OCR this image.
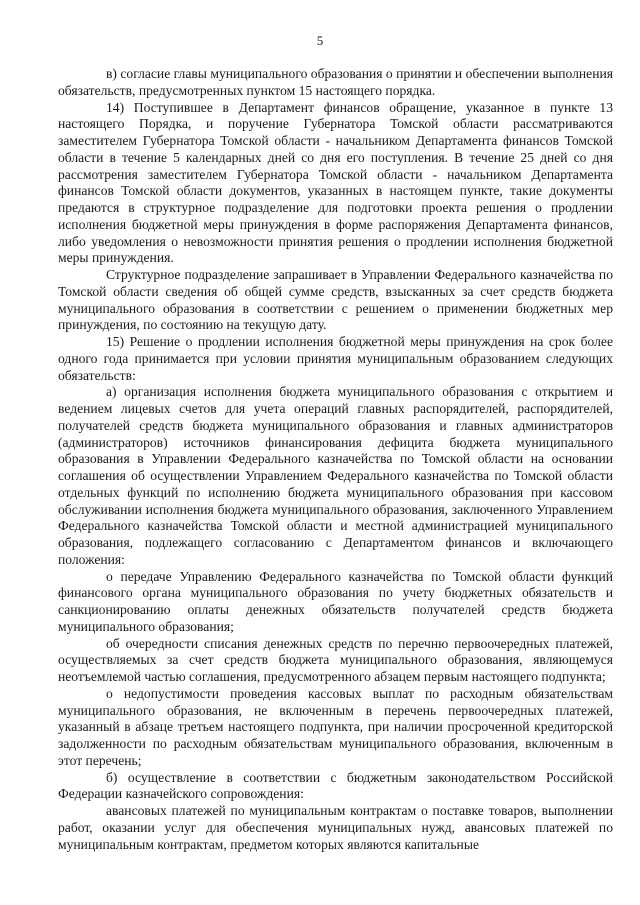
5

в) согласие главы муниципального образования о принятии и обеспечении выполнения обязательств, предусмотренных пунктом 15 настоящего порядка.

14) Поступившее в Департамент финансов обращение, указанное в пункте 13 настоящего Порядка, и поручение Губернатора Томской области рассматриваются заместителем Губернатора Томской области - начальником Департамента финансов Томской области в течение 5 календарных дней со дня его поступления. В течение 25 дней со дня рассмотрения заместителем Губернатора Томской области - начальником Департамента финансов Томской области документов, указанных в настоящем пункте, такие документы предаются в структурное подразделение для подготовки проекта решения о продлении исполнения бюджетной меры принуждения в форме распоряжения Департамента финансов, либо уведомления о невозможности принятия решения о продлении исполнения бюджетной меры принуждения.

Структурное подразделение запрашивает в Управлении Федерального казначейства по Томской области сведения об общей сумме средств, взысканных за счет средств бюджета муниципального образования в соответствии с решением о применении бюджетных мер принуждения, по состоянию на текущую дату.

15) Решение о продлении исполнения бюджетной меры принуждения на срок более одного года принимается при условии принятия муниципальным образованием следующих обязательств:

а) организация исполнения бюджета муниципального образования с открытием и ведением лицевых счетов для учета операций главных распорядителей, распорядителей, получателей средств бюджета муниципального образования и главных администраторов (администраторов) источников финансирования дефицита бюджета муниципального образования в Управлении Федерального казначейства по Томской области на основании соглашения об осуществлении Управлением Федерального казначейства по Томской области отдельных функций по исполнению бюджета муниципального образования при кассовом обслуживании исполнения бюджета муниципального образования, заключенного Управлением Федерального казначейства Томской области и местной администрацией муниципального образования, подлежащего согласованию с Департаментом финансов и включающего положения:

о передаче Управлению Федерального казначейства по Томской области функций финансового органа муниципального образования по учету бюджетных обязательств и санкционированию оплаты денежных обязательств получателей средств бюджета муниципального образования;

об очередности списания денежных средств по перечню первоочередных платежей, осуществляемых за счет средств бюджета муниципального образования, являющемуся неотъемлемой частью соглашения, предусмотренного абзацем первым настоящего подпункта;

о недопустимости проведения кассовых выплат по расходным обязательствам муниципального образования, не включенным в перечень первоочередных платежей, указанный в абзаце третьем настоящего подпункта, при наличии просроченной кредиторской задолженности по расходным обязательствам муниципального образования, включенным в этот перечень;

б) осуществление в соответствии с бюджетным законодательством Российской Федерации казначейского сопровождения:

авансовых платежей по муниципальным контрактам о поставке товаров, выполнении работ, оказании услуг для обеспечения муниципальных нужд, авансовых платежей по муниципальным контрактам, предметом которых являются капитальные
